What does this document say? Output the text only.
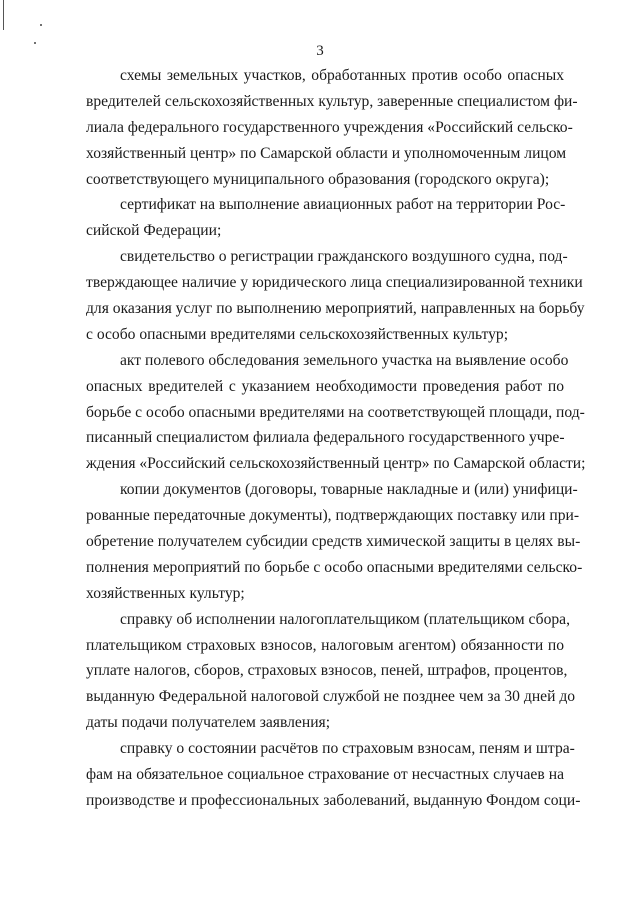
3
схемы земельных участков, обработанных против особо опасных
вредителей сельскохозяйственных культур, заверенные специалистом фи-
лиала федерального государственного учреждения «Российский сельско-
хозяйственный центр» по Самарской области и уполномоченным лицом
соответствующего муниципального образования (городского округа);
сертификат на выполнение авиационных работ на территории Рос-
сийской Федерации;
свидетельство о регистрации гражданского воздушного судна, под-
тверждающее наличие у юридического лица специализированной техники
для оказания услуг по выполнению мероприятий, направленных на борьбу
с особо опасными вредителями сельскохозяйственных культур;
акт полевого обследования земельного участка на выявление особо
опасных вредителей с указанием необходимости проведения работ по
борьбе с особо опасными вредителями на соответствующей площади, под-
писанный специалистом филиала федерального государственного учре-
ждения «Российский сельскохозяйственный центр» по Самарской области;
копии документов (договоры, товарные накладные и (или) унифици-
рованные передаточные документы), подтверждающих поставку или при-
обретение получателем субсидии средств химической защиты в целях вы-
полнения мероприятий по борьбе с особо опасными вредителями сельско-
хозяйственных культур;
справку об исполнении налогоплательщиком (плательщиком сбора,
плательщиком страховых взносов, налоговым агентом) обязанности по
уплате налогов, сборов, страховых взносов, пеней, штрафов, процентов,
выданную Федеральной налоговой службой не позднее чем за 30 дней до
даты подачи получателем заявления;
справку о состоянии расчётов по страховым взносам, пеням и штра-
фам на обязательное социальное страхование от несчастных случаев на
производстве и профессиональных заболеваний, выданную Фондом соци-
